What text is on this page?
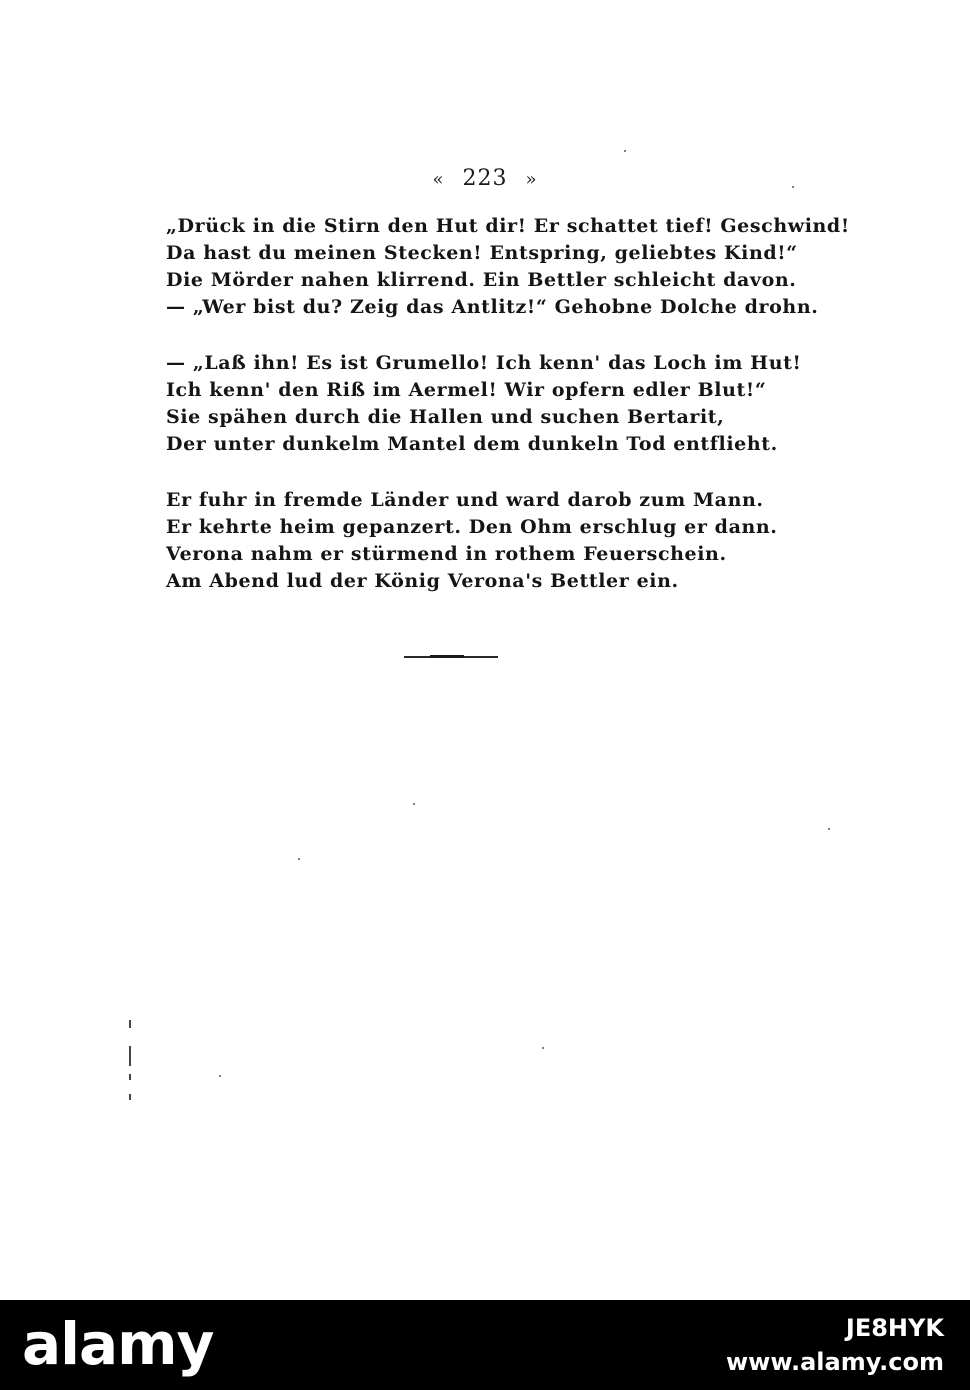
« 223 »
„Drück in die Stirn den Hut dir! Er schattet tief! Geschwind!
Da hast du meinen Stecken! Entspring, geliebtes Kind!“
Die Mörder nahen klirrend. Ein Bettler schleicht davon.
— „Wer bist du? Zeig das Antlitz!“ Gehobne Dolche drohn.
— „Laß ihn! Es ist Grumello! Ich kenn' das Loch im Hut!
Ich kenn' den Riß im Aermel! Wir opfern edler Blut!“
Sie spähen durch die Hallen und suchen Bertarit,
Der unter dunkelm Mantel dem dunkeln Tod entflieht.
Er fuhr in fremde Länder und ward darob zum Mann.
Er kehrte heim gepanzert. Den Ohm erschlug er dann.
Verona nahm er stürmend in rothem Feuerschein.
Am Abend lud der König Verona's Bettler ein.
alamy	JE8HYK
www.alamy.com
